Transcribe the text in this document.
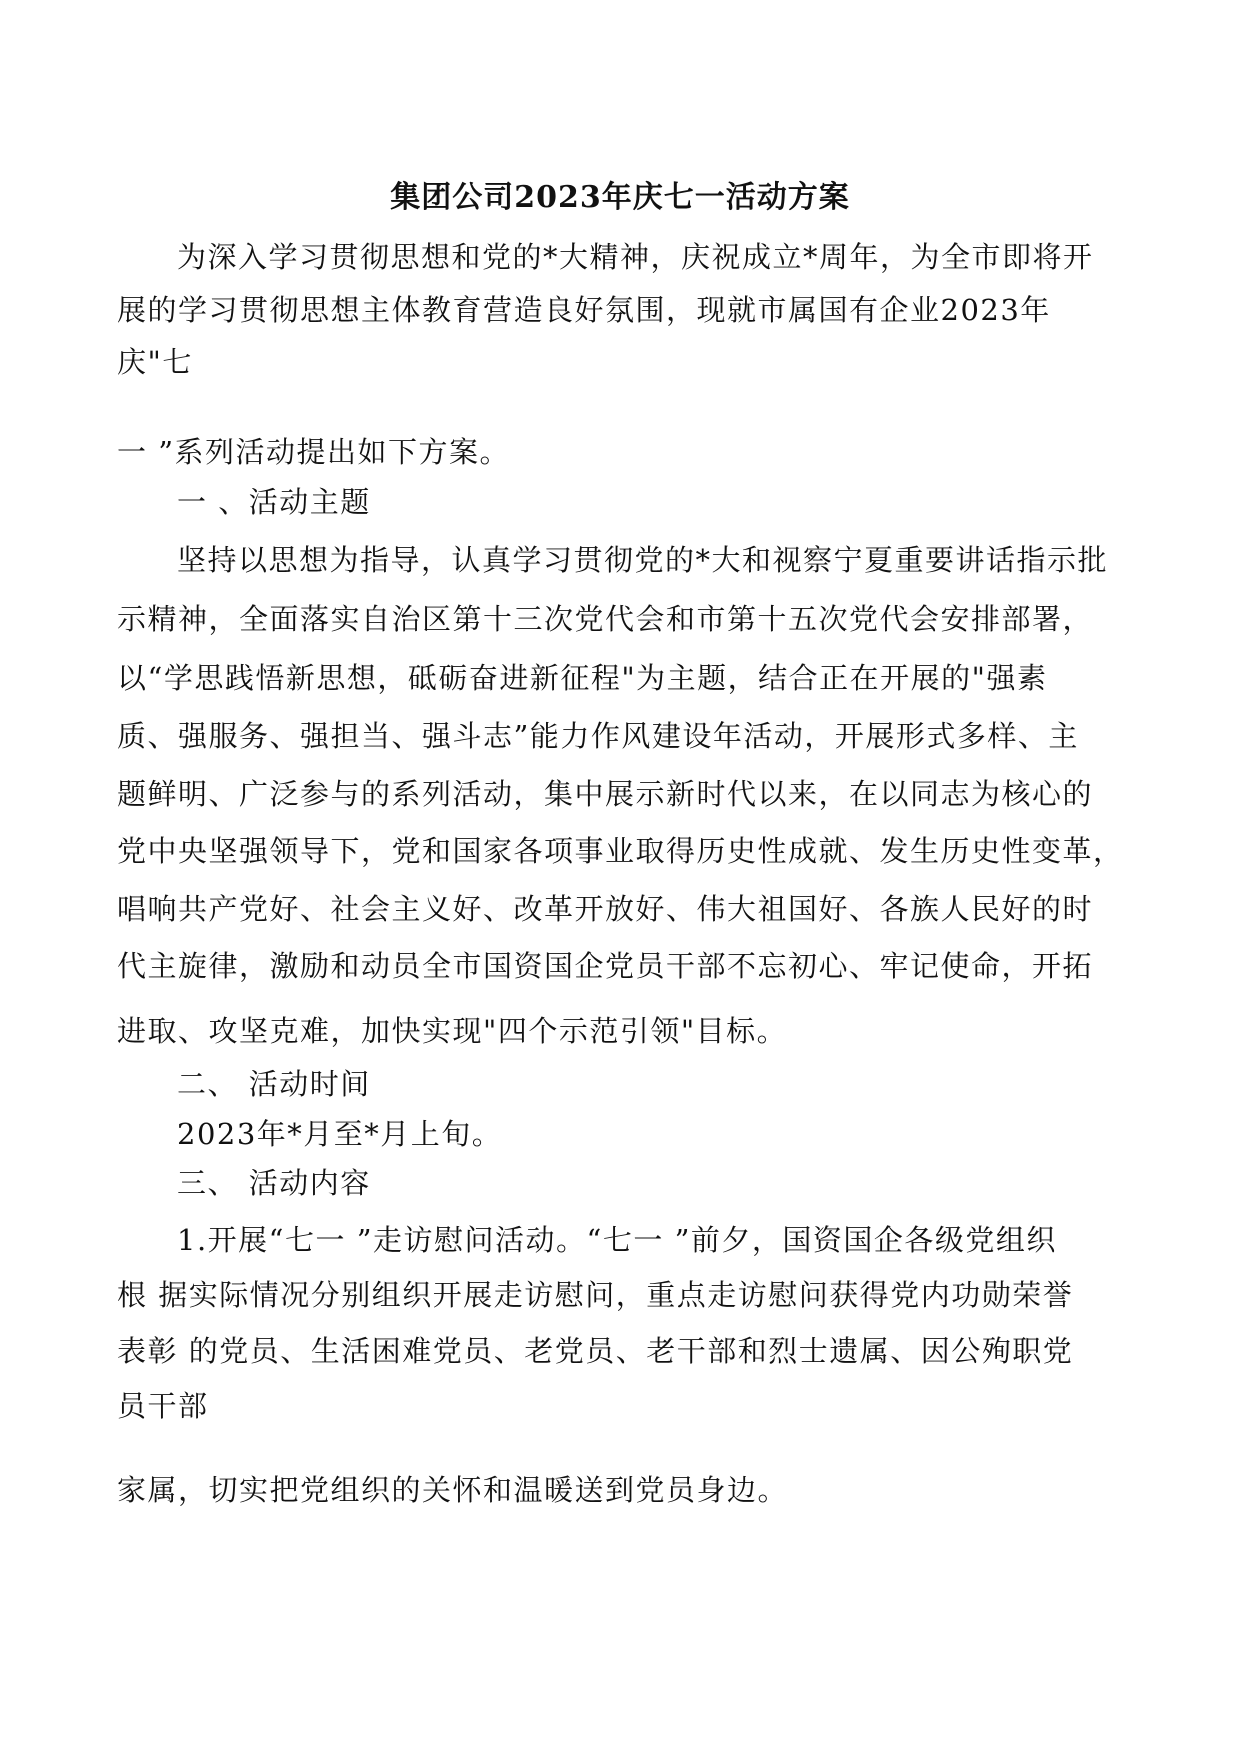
集团公司2023年庆七一活动方案
为深入学习贯彻思想和党的*大精神，庆祝成立*周年，为全市即将开
展的学习贯彻思想主体教育营造良好氛围，现就市属国有企业2023年
庆"七
一 ”系列活动提出如下方案。
一 、活动主题
坚持以思想为指导，认真学习贯彻党的*大和视察宁夏重要讲话指示批
示精神，全面落实自治区第十三次党代会和市第十五次党代会安排部署，
以“学思践悟新思想，砥砺奋进新征程"为主题，结合正在开展的"强素
质、强服务、强担当、强斗志”能力作风建设年活动，开展形式多样、主
题鲜明、广泛参与的系列活动，集中展示新时代以来，在以同志为核心的
党中央坚强领导下，党和国家各项事业取得历史性成就、发生历史性变革，
唱响共产党好、社会主义好、改革开放好、伟大祖国好、各族人民好的时
代主旋律，激励和动员全市国资国企党员干部不忘初心、牢记使命，开拓
进取、攻坚克难，加快实现"四个示范引领"目标。
二、 活动时间
2023年*月至*月上旬。
三、 活动内容
1.开展“七一 ”走访慰问活动。“七一 ”前夕，国资国企各级党组织
根 据实际情况分别组织开展走访慰问，重点走访慰问获得党内功勋荣誉
表彰 的党员、生活困难党员、老党员、老干部和烈士遗属、因公殉职党
员干部
家属，切实把党组织的关怀和温暖送到党员身边。
